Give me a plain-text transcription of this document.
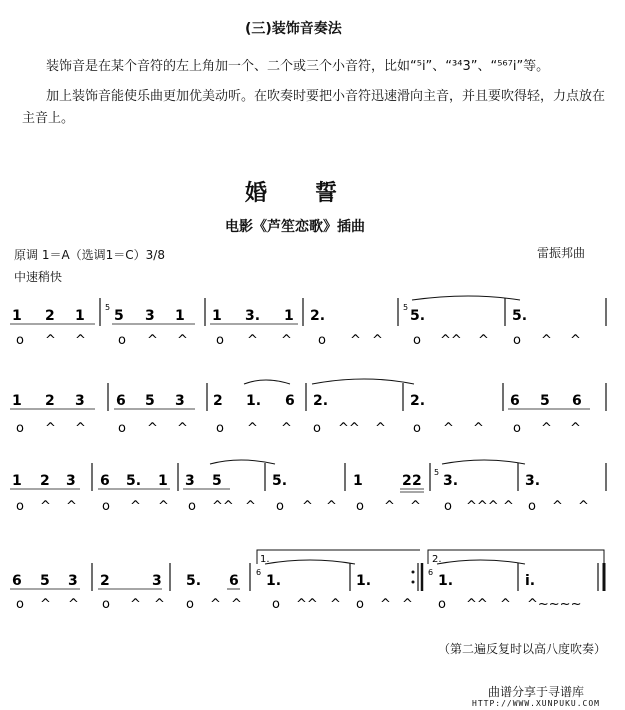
(三)装饰音奏法
装饰音是在某个音符的左上角加一个、二个或三个小音符，比如“⁵i”、“³⁴3”、“⁵⁶⁷i”等。
加上装饰音能使乐曲更加优美动听。在吹奏时要把小音符迅速滑向主音，并且要吹得轻，力点放在主音上。
婚誓
电影《芦笙恋歌》插曲
原调 1＝A（选调1＝C）3/8	雷振邦曲
中速稍快
1 2 1
5
5 3 1 1 3. 1 2.
5
5.	5.
o ^ ^ o ^ ^ o ^ ^ o ^ ^ o ^^ ^ o ^ ^
1 2 3 6 5 3 2 1. 6 2.	2.	6 5 6
o ^ ^ o ^ ^ o ^ ^ o ^^ ^ o ^ ^ o ^ ^
1 2 3 6 5. 1 3 5	5.	1	2 2
5
3.	3.
o ^ ^ o ^ ^ o ^^ ^ o ^ ^ o ^ ^ o ^^^ ^ o ^ ^
1.	2.
6 5 3 2	3 5. 6
6
1.	1.
6
1.	i.
o ^ ^ o ^ ^ o ^ ^ o ^^ ^ o ^ ^ o ^^ ^ ^~~~~
（第二遍反复时以高八度吹奏）
曲谱分享于寻谱库
HTTP://WWW.XUNPUKU.COM
